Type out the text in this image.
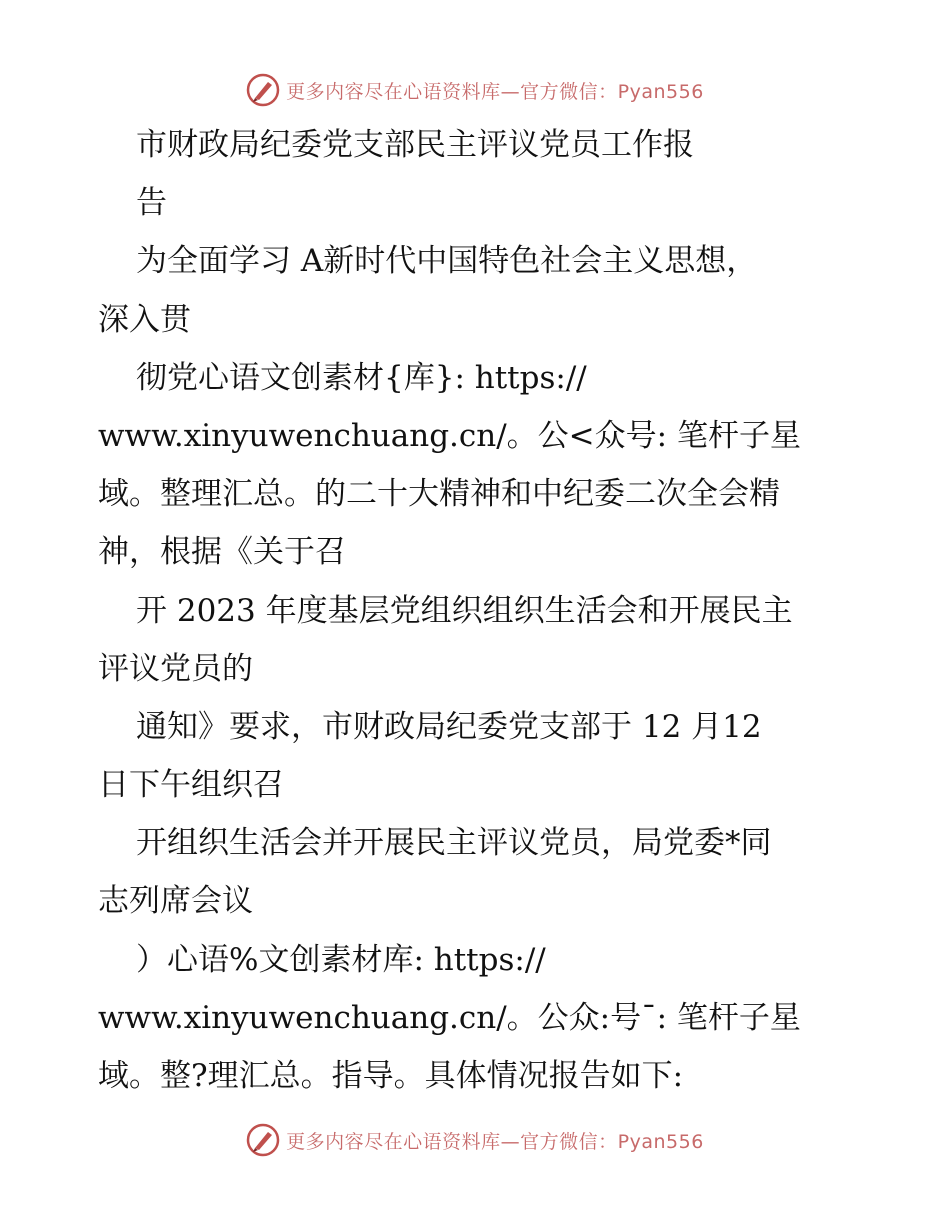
更多内容尽在心语资料库—官方微信：Pyan556
市财政局纪委党支部民主评议党员工作报
告
为全面学习 A新时代中国特色社会主义思想，
深入贯
彻党心语文创素材{库}: https://
www.xinyuwenchuang.cn/。公<众号: 笔杆子星
域。整理汇总。的二十大精神和中纪委二次全会精
神，根据《关于召
开 2023 年度基层党组织组织生活会和开展民主
评议党员的
通知》要求，市财政局纪委党支部于 12 月12
日下午组织召
开组织生活会并开展民主评议党员，局党委*同
志列席会议
）心语%文创素材库: https://
www.xinyuwenchuang.cn/。公众:号¯: 笔杆子星
域。整?理汇总。指导。具体情况报告如下:
更多内容尽在心语资料库—官方微信：Pyan556
